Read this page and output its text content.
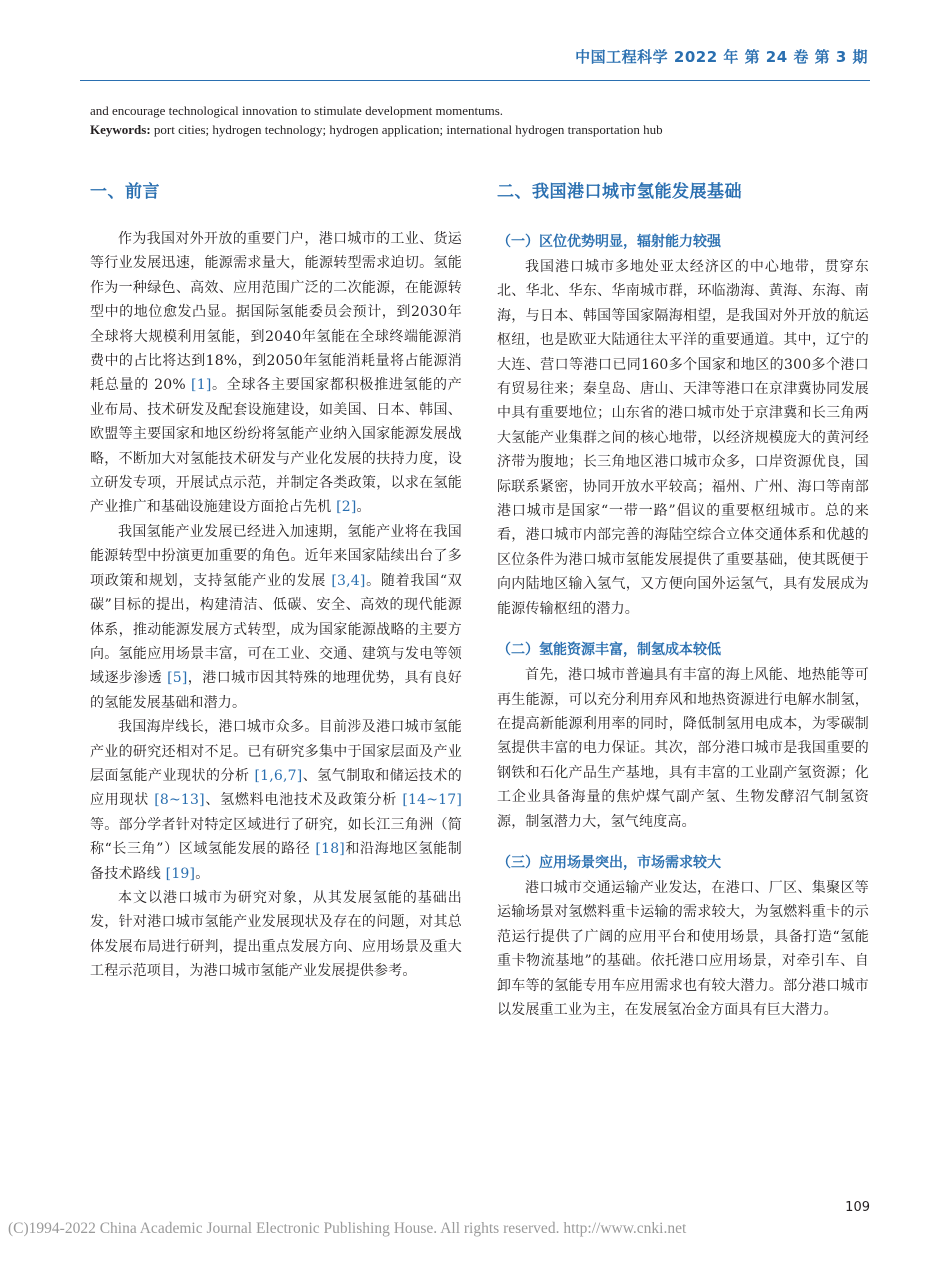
中国工程科学 2022 年 第 24 卷 第 3 期
and encourage technological innovation to stimulate development momentums.
Keywords: port cities; hydrogen technology; hydrogen application; international hydrogen transportation hub
一、前言

作为我国对外开放的重要门户，港口城市的工业、货运等行业发展迅速，能源需求量大，能源转型需求迫切。氢能作为一种绿色、高效、应用范围广泛的二次能源，在能源转型中的地位愈发凸显。据国际氢能委员会预计，到2030年全球将大规模利用氢能，到2040年氢能在全球终端能源消费中的占比将达到18%，到2050年氢能消耗量将占能源消耗总量的 20% [1]。全球各主要国家都积极推进氢能的产业布局、技术研发及配套设施建设，如美国、日本、韩国、欧盟等主要国家和地区纷纷将氢能产业纳入国家能源发展战略，不断加大对氢能技术研发与产业化发展的扶持力度，设立研发专项，开展试点示范，并制定各类政策，以求在氢能产业推广和基础设施建设方面抢占先机 [2]。

我国氢能产业发展已经进入加速期，氢能产业将在我国能源转型中扮演更加重要的角色。近年来国家陆续出台了多项政策和规划，支持氢能产业的发展 [3,4]。随着我国“双碳”目标的提出，构建清洁、低碳、安全、高效的现代能源体系，推动能源发展方式转型，成为国家能源战略的主要方向。氢能应用场景丰富，可在工业、交通、建筑与发电等领域逐步渗透 [5]，港口城市因其特殊的地理优势，具有良好的氢能发展基础和潜力。

我国海岸线长，港口城市众多。目前涉及港口城市氢能产业的研究还相对不足。已有研究多集中于国家层面及产业层面氢能产业现状的分析 [1,6,7]、氢气制取和储运技术的应用现状 [8~13]、氢燃料电池技术及政策分析 [14~17]等。部分学者针对特定区域进行了研究，如长江三角洲（简称“长三角”）区域氢能发展的路径 [18]和沿海地区氢能制备技术路线 [19]。

本文以港口城市为研究对象，从其发展氢能的基础出发，针对港口城市氢能产业发展现状及存在的问题，对其总体发展布局进行研判，提出重点发展方向、应用场景及重大工程示范项目，为港口城市氢能产业发展提供参考。

二、我国港口城市氢能发展基础
（一）区位优势明显，辐射能力较强

我国港口城市多地处亚太经济区的中心地带，贯穿东北、华北、华东、华南城市群，环临渤海、黄海、东海、南海，与日本、韩国等国家隔海相望，是我国对外开放的航运枢纽，也是欧亚大陆通往太平洋的重要通道。其中，辽宁的大连、营口等港口已同160多个国家和地区的300多个港口有贸易往来；秦皇岛、唐山、天津等港口在京津冀协同发展中具有重要地位；山东省的港口城市处于京津冀和长三角两大氢能产业集群之间的核心地带，以经济规模庞大的黄河经济带为腹地；长三角地区港口城市众多，口岸资源优良，国际联系紧密，协同开放水平较高；福州、广州、海口等南部港口城市是国家“一带一路”倡议的重要枢纽城市。总的来看，港口城市内部完善的海陆空综合立体交通体系和优越的区位条件为港口城市氢能发展提供了重要基础，使其既便于向内陆地区输入氢气，又方便向国外运氢气，具有发展成为能源传输枢纽的潜力。

（二）氢能资源丰富，制氢成本较低

首先，港口城市普遍具有丰富的海上风能、地热能等可再生能源，可以充分利用弃风和地热资源进行电解水制氢，在提高新能源利用率的同时，降低制氢用电成本，为零碳制氢提供丰富的电力保证。其次，部分港口城市是我国重要的钢铁和石化产品生产基地，具有丰富的工业副产氢资源；化工企业具备海量的焦炉煤气副产氢、生物发酵沼气制氢资源，制氢潜力大，氢气纯度高。

（三）应用场景突出，市场需求较大

港口城市交通运输产业发达，在港口、厂区、集聚区等运输场景对氢燃料重卡运输的需求较大，为氢燃料重卡的示范运行提供了广阔的应用平台和使用场景，具备打造“氢能重卡物流基地”的基础。依托港口应用场景，对牵引车、自卸车等的氢能专用车应用需求也有较大潜力。部分港口城市以发展重工业为主，在发展氢冶金方面具有巨大潜力。

109
(C)1994-2022 China Academic Journal Electronic Publishing House. All rights reserved. http://www.cnki.net
